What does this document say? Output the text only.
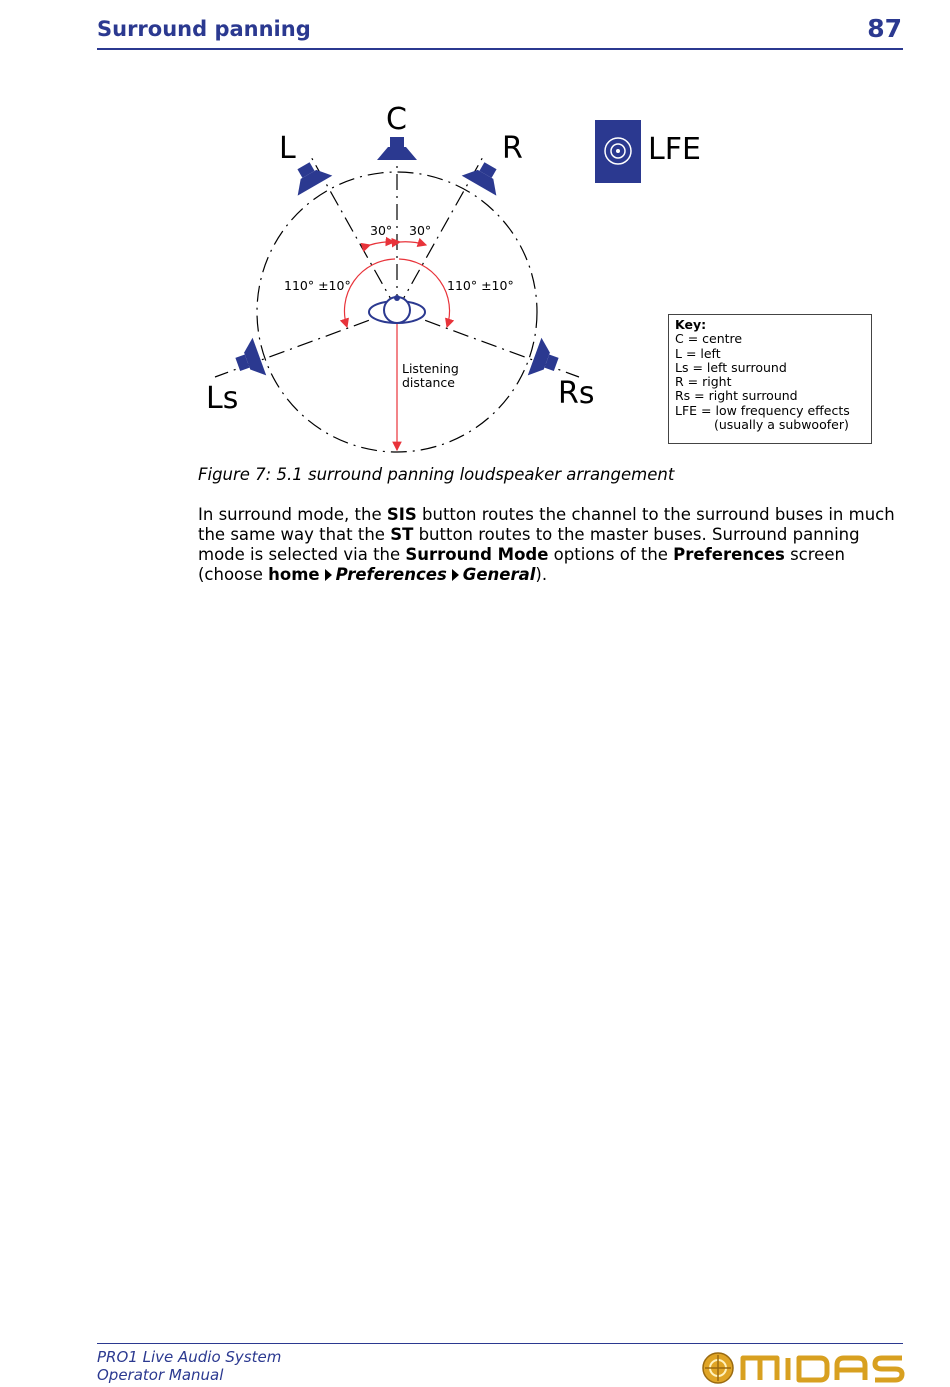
Surround panning	87
C
L	R
Ls	Rs
30° 30°
110° ±10°	110° ±10°
Listening
distance
LFE
Key:
C = centre
L = left
Ls = left surround
R = right
Rs = right surround
LFE = low frequency effects
(usually a subwoofer)
Figure 7: 5.1 surround panning loudspeaker arrangement
In surround mode, the SIS button routes the channel to the surround buses in much the same way that the ST button routes to the master buses. Surround panning mode is selected via the Surround Mode options of the Preferences screen (choose home Preferences General).
PRO1 Live Audio System
Operator Manual
